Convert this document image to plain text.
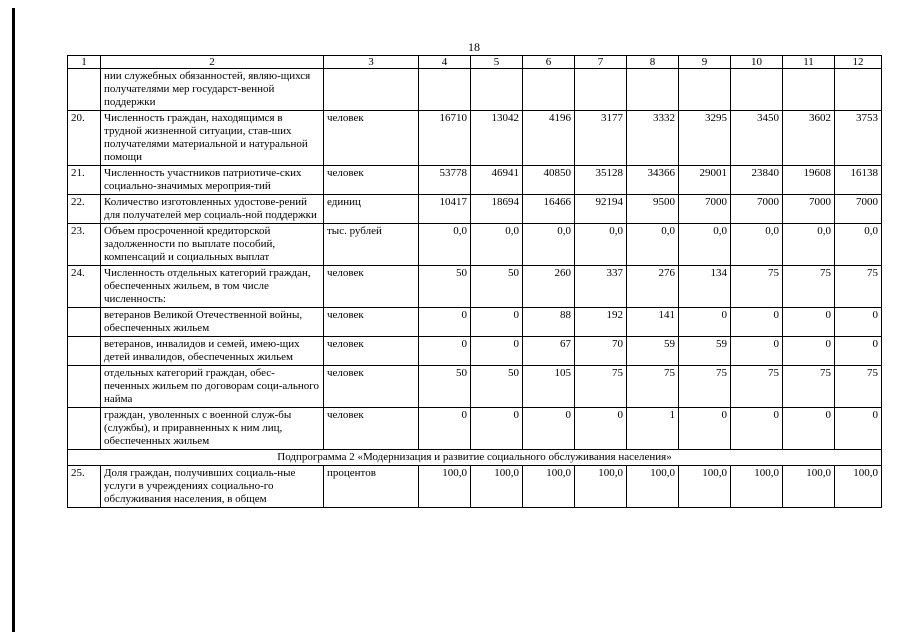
18
1	2	3	4	5	6	7	8	9	10	11	12
	нии служебных обязанностей, являю-щихся получателями мер государст-венной поддержки										
20.	Численность граждан, находящимся в трудной жизненной ситуации, став-ших получателями материальной и натуральной помощи	человек	16710	13042	4196	3177	3332	3295	3450	3602	3753
21.	Численность участников патриотиче-ских социально-значимых мероприя-тий	человек	53778	46941	40850	35128	34366	29001	23840	19608	16138
22.	Количество изготовленных удостове-рений для получателей мер социаль-ной поддержки	единиц	10417	18694	16466	92194	9500	7000	7000	7000	7000
23.	Объем просроченной кредиторской задолженности по выплате пособий, компенсаций и социальных выплат	тыс. рублей	0,0	0,0	0,0	0,0	0,0	0,0	0,0	0,0	0,0
24.	Численность отдельных категорий граждан, обеспеченных жильем, в том числе численность:	человек	50	50	260	337	276	134	75	75	75
	ветеранов Великой Отечественной войны, обеспеченных жильем	человек	0	0	88	192	141	0	0	0	0
	ветеранов, инвалидов и семей, имею-щих детей инвалидов, обеспеченных жильем	человек	0	0	67	70	59	59	0	0	0
	отдельных категорий граждан, обес-печенных жильем по договорам соци-ального найма	человек	50	50	105	75	75	75	75	75	75
	граждан, уволенных с военной служ-бы (службы), и приравненных к ним лиц, обеспеченных жильем	человек	0	0	0	0	1	0	0	0	0
Подпрограмма 2 «Модернизация и развитие социального обслуживания населения»											
25.	Доля граждан, получивших социаль-ные услуги в учреждениях социально-го обслуживания населения, в общем	процентов	100,0	100,0	100,0	100,0	100,0	100,0	100,0	100,0	100,0
